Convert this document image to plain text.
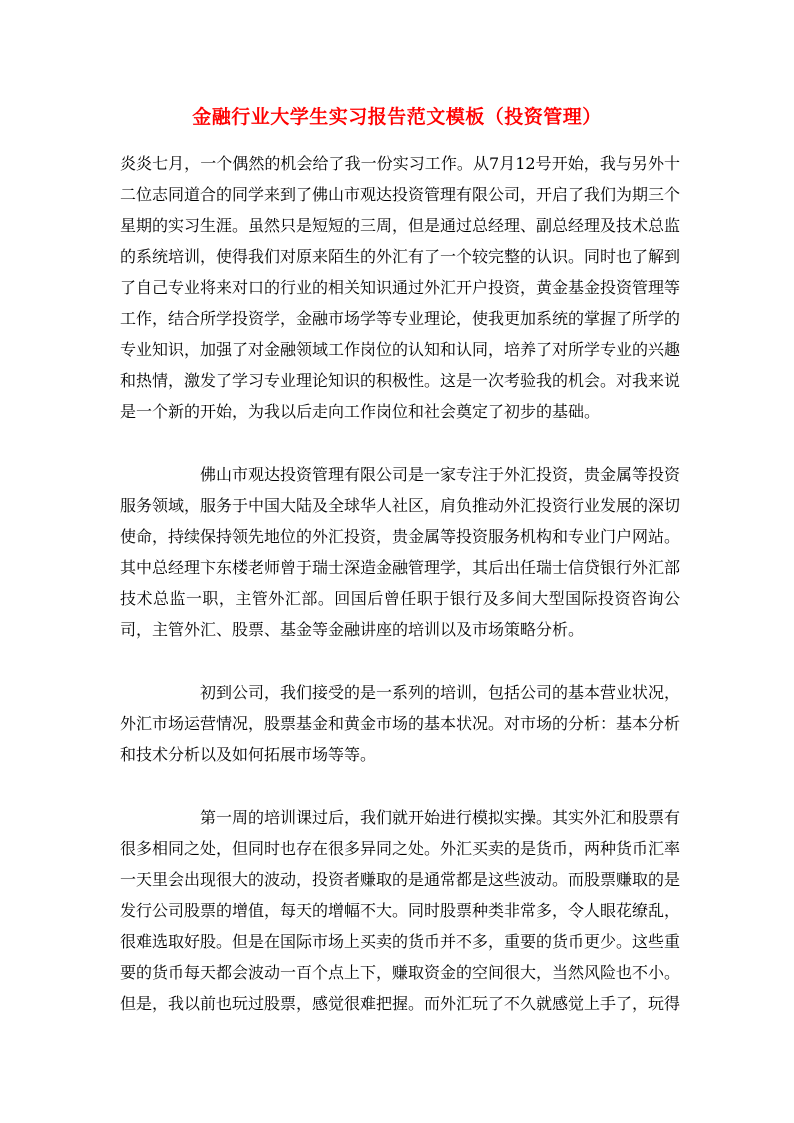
金融行业大学生实习报告范文模板（投资管理）
炎炎七月，一个偶然的机会给了我一份实习工作。从7月12号开始，我与另外十二位志同道合的同学来到了佛山市观达投资管理有限公司，开启了我们为期三个星期的实习生涯。虽然只是短短的三周，但是通过总经理、副总经理及技术总监的系统培训，使得我们对原来陌生的外汇有了一个较完整的认识。同时也了解到了自己专业将来对口的行业的相关知识通过外汇开户投资，黄金基金投资管理等工作，结合所学投资学，金融市场学等专业理论，使我更加系统的掌握了所学的专业知识，加强了对金融领域工作岗位的认知和认同，培养了对所学专业的兴趣和热情，激发了学习专业理论知识的积极性。这是一次考验我的机会。对我来说是一个新的开始，为我以后走向工作岗位和社会奠定了初步的基础。
佛山市观达投资管理有限公司是一家专注于外汇投资，贵金属等投资服务领域，服务于中国大陆及全球华人社区，肩负推动外汇投资行业发展的深切使命，持续保持领先地位的外汇投资，贵金属等投资服务机构和专业门户网站。其中总经理卞东楼老师曾于瑞士深造金融管理学，其后出任瑞士信贷银行外汇部技术总监一职，主管外汇部。回国后曾任职于银行及多间大型国际投资咨询公司，主管外汇、股票、基金等金融讲座的培训以及市场策略分析。
初到公司，我们接受的是一系列的培训，包括公司的基本营业状况，外汇市场运营情况，股票基金和黄金市场的基本状况。对市场的分析：基本分析和技术分析以及如何拓展市场等等。
第一周的培训课过后，我们就开始进行模拟实操。其实外汇和股票有很多相同之处，但同时也存在很多异同之处。外汇买卖的是货币，两种货币汇率一天里会出现很大的波动，投资者赚取的是通常都是这些波动。而股票赚取的是发行公司股票的增值，每天的增幅不大。同时股票种类非常多，令人眼花缭乱，很难选取好股。但是在国际市场上买卖的货币并不多，重要的货币更少。这些重要的货币每天都会波动一百个点上下，赚取资金的空间很大，当然风险也不小。但是，我以前也玩过股票，感觉很难把握。而外汇玩了不久就感觉上手了，玩得
